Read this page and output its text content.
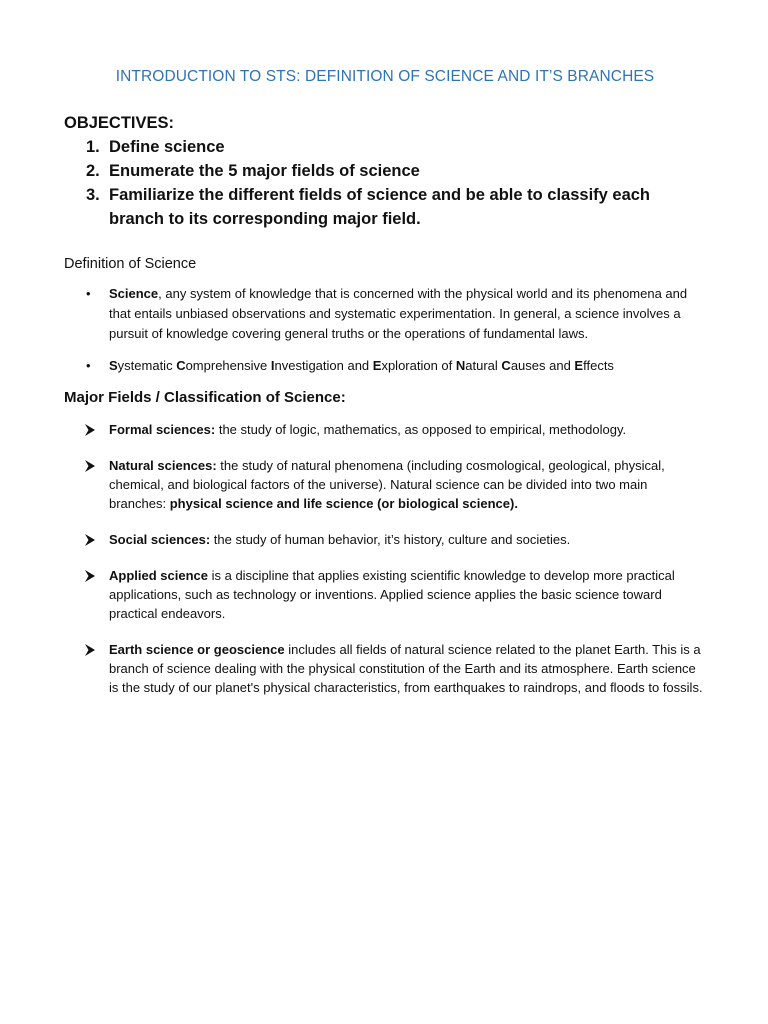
INTRODUCTION TO STS: DEFINITION OF SCIENCE AND IT’S BRANCHES
OBJECTIVES:
1. Define science
2. Enumerate the 5 major fields of science
3. Familiarize the different fields of science and be able to classify each branch to its corresponding major field.
Definition of Science
• Science, any system of knowledge that is concerned with the physical world and its phenomena and that entails unbiased observations and systematic experimentation. In general, a science involves a pursuit of knowledge covering general truths or the operations of fundamental laws.
• Systematic Comprehensive Investigation and Exploration of Natural Causes and Effects
Major Fields / Classification of Science:
Formal sciences: the study of logic, mathematics, as opposed to empirical, methodology.
Natural sciences: the study of natural phenomena (including cosmological, geological, physical, chemical, and biological factors of the universe). Natural science can be divided into two main branches: physical science and life science (or biological science).
Social sciences: the study of human behavior, it’s history, culture and societies.
Applied science is a discipline that applies existing scientific knowledge to develop more practical applications, such as technology or inventions. Applied science applies the basic science toward practical endeavors.
Earth science or geoscience includes all fields of natural science related to the planet Earth. This is a branch of science dealing with the physical constitution of the Earth and its atmosphere. Earth science is the study of our planet's physical characteristics, from earthquakes to raindrops, and floods to fossils.
